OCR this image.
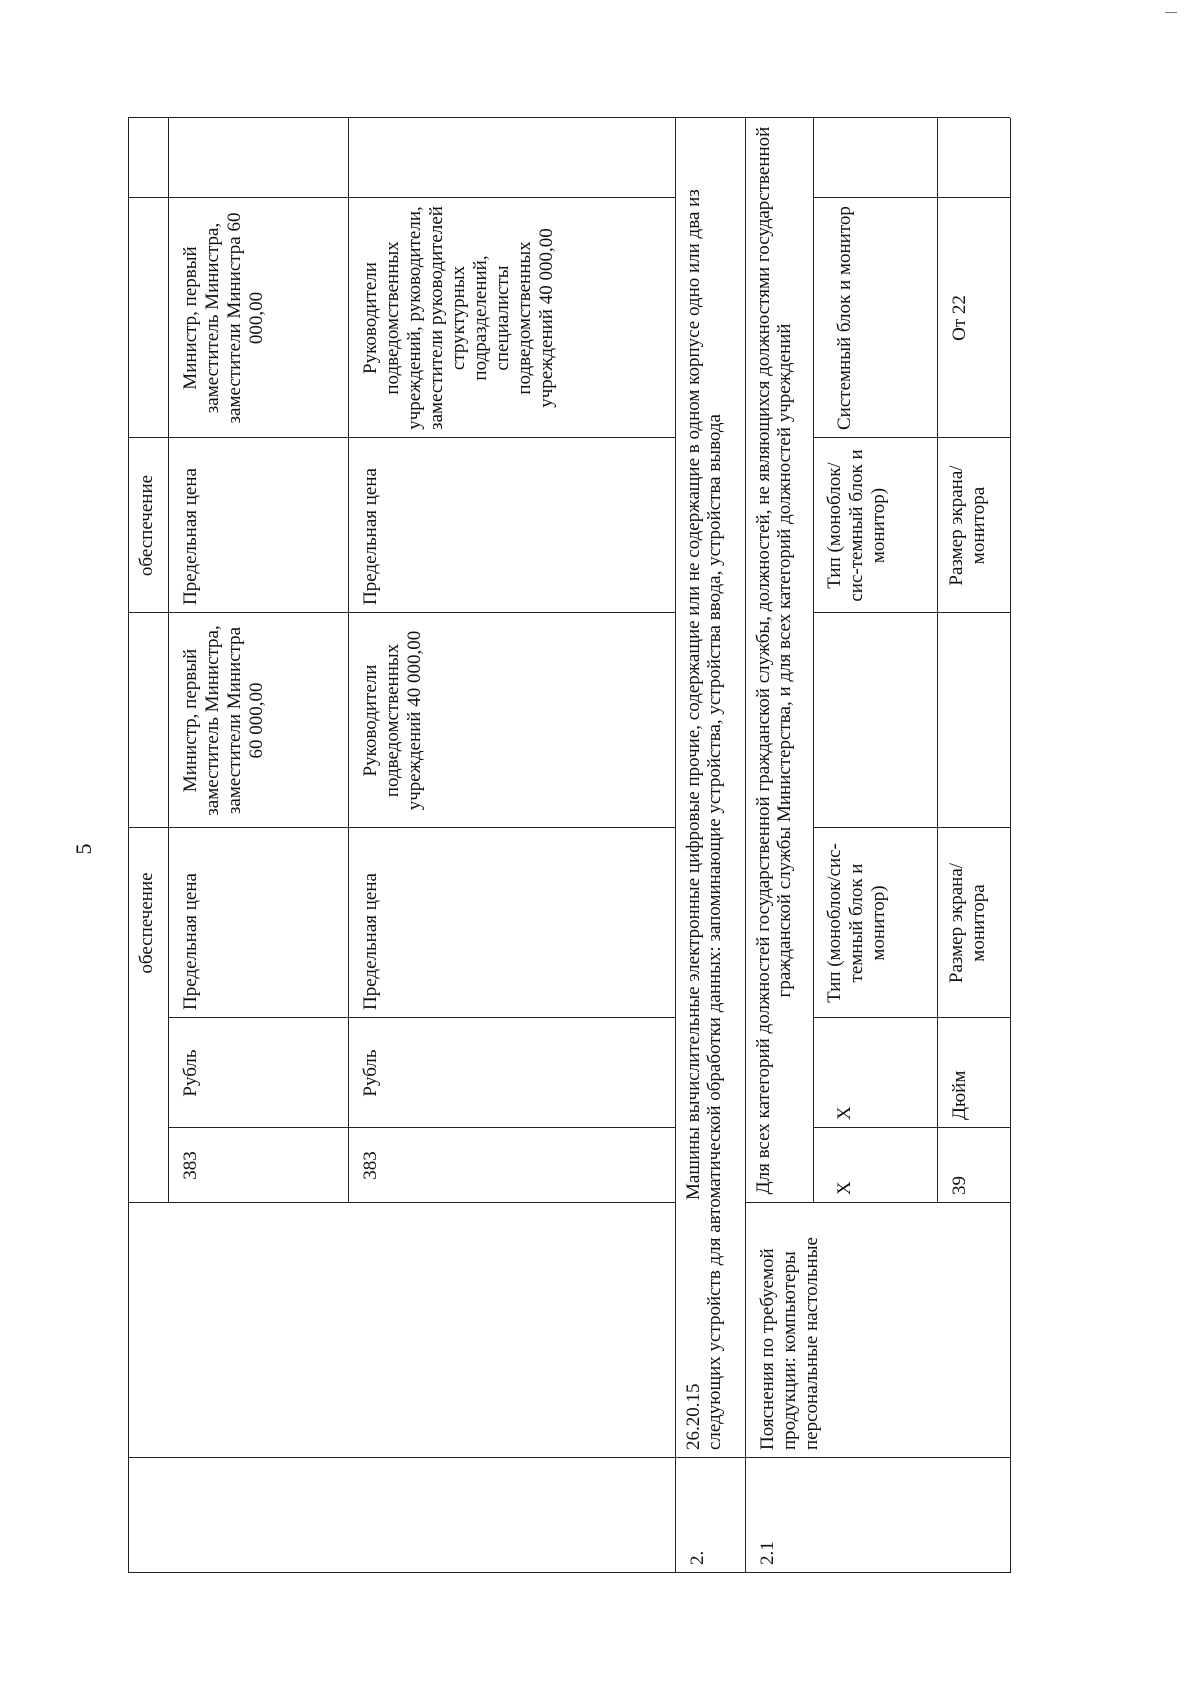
5
обеспечение
обеспечение
383
Рубль
Предельная цена
Министр, первый заместитель Министра, заместители Министра 60 000,00
Предельная цена
Министр, первый заместитель Министра, заместители Министра 60 000,00
383
Рубль
Предельная цена
Руководители подведомственных учреждений 40 000,00
Предельная цена
Руководители подведомственных учреждений, руководители, заместители руководителей структурных подразделений, специалисты подведомственных учреждений 40 000,00
2.
26.20.15Машины вычислительные электронные цифровые прочие, содержащие или не содержащие в одном корпусе одно или два из следующих устройств для автоматической обработки данных: запоминающие устройства, устройства ввода, устройства вывода
2.1
Пояснения по требуемой продукции: компьютеры персональные настольные
Для всех категорий должностей государственной гражданской службы, должностей, не являющихся должностями государственной гражданской службы Министерства, и для всех категорий должностей учреждений
X
X
Тип (моноблок/сис-темный блок и монитор)
Тип (моноблок/сис-темный блок и монитор)
Системный блок и монитор
39
Дюйм
Размер экрана/монитора
Размер экрана/монитора
От 22
